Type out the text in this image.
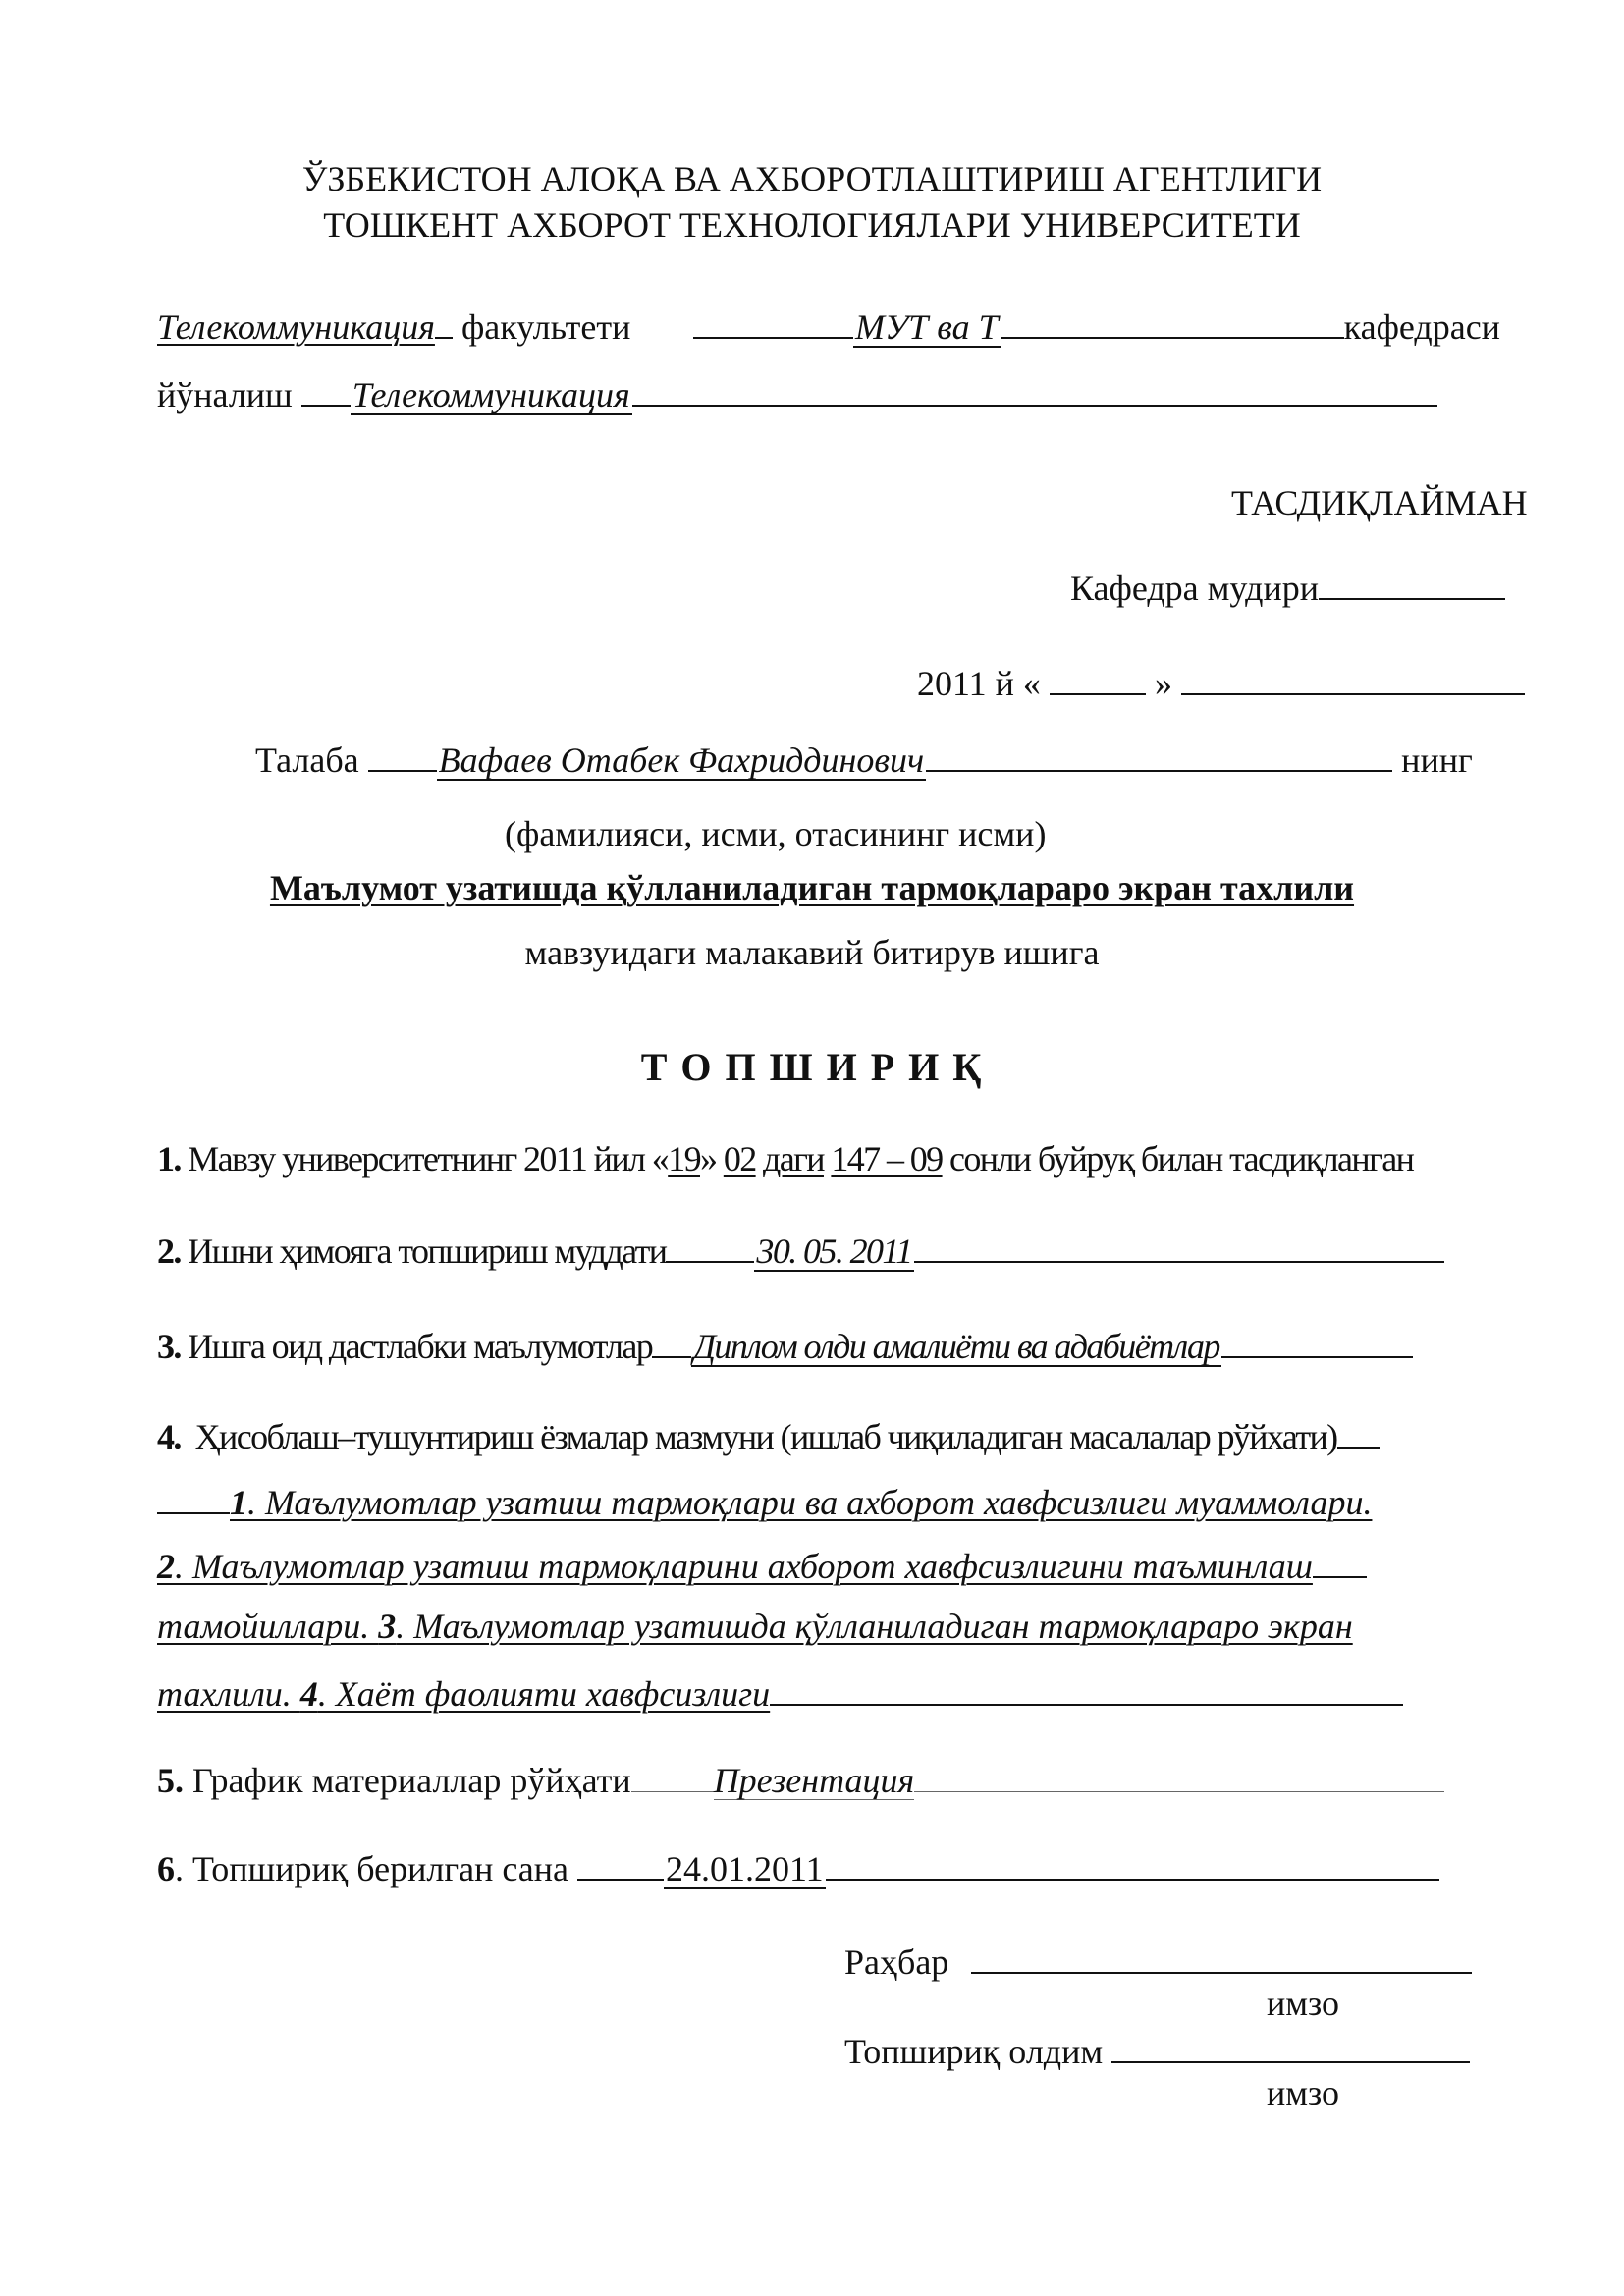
ЎЗБЕКИСТОН АЛОҚА ВА АХБОРОТЛАШТИРИШ АГЕНТЛИГИ
ТОШКЕНТ АХБОРОТ ТЕХНОЛОГИЯЛАРИ УНИВЕРСИТЕТИ
Телекоммуникация факультети	МУТ ва Т	кафедраси
йўналиш Телекоммуникация
ТАСДИҚЛАЙМАН
Кафедра мудири
2011 й «	»
Талаба Вафаев Отабек Фахриддинович	нинг
(фамилияси, исми, отасининг исми)
Маълумот узатишда қўлланиладиган тармоқлараро экран тахлили
мавзуидаги малакавий битирув ишига
Т О П Ш И Р И Қ
1. Мавзу университетнинг 2011 йил «19» 02 даги 147 – 09 сонли буйруқ билан тасдиқланган
2. Ишни ҳимояга топшириш муддати	30. 05. 2011
3. Ишга оид дастлабки маълумотлар Диплом олди амалиёти ва адабиётлар
4. Ҳисоблаш–тушунтириш ёзмалар мазмуни (ишлаб чиқиладиган масалалар рўйхати)
1. Маълумотлар узатиш тармоқлари ва ахборот хавфсизлиги муаммолари.
2. Маълумотлар узатиш тармоқларини ахборот хавфсизлигини таъминлаш
тамойиллари. 3. Маълумотлар узатишда қўлланиладиган тармоқлараро экран
тахлили. 4. Хаёт фаолияти хавфсизлиги
5. График материаллар рўйҳати Презентация
6. Топшириқ берилган сана	24.01.2011
Раҳбар
имзо
Топшириқ олдим
имзо
